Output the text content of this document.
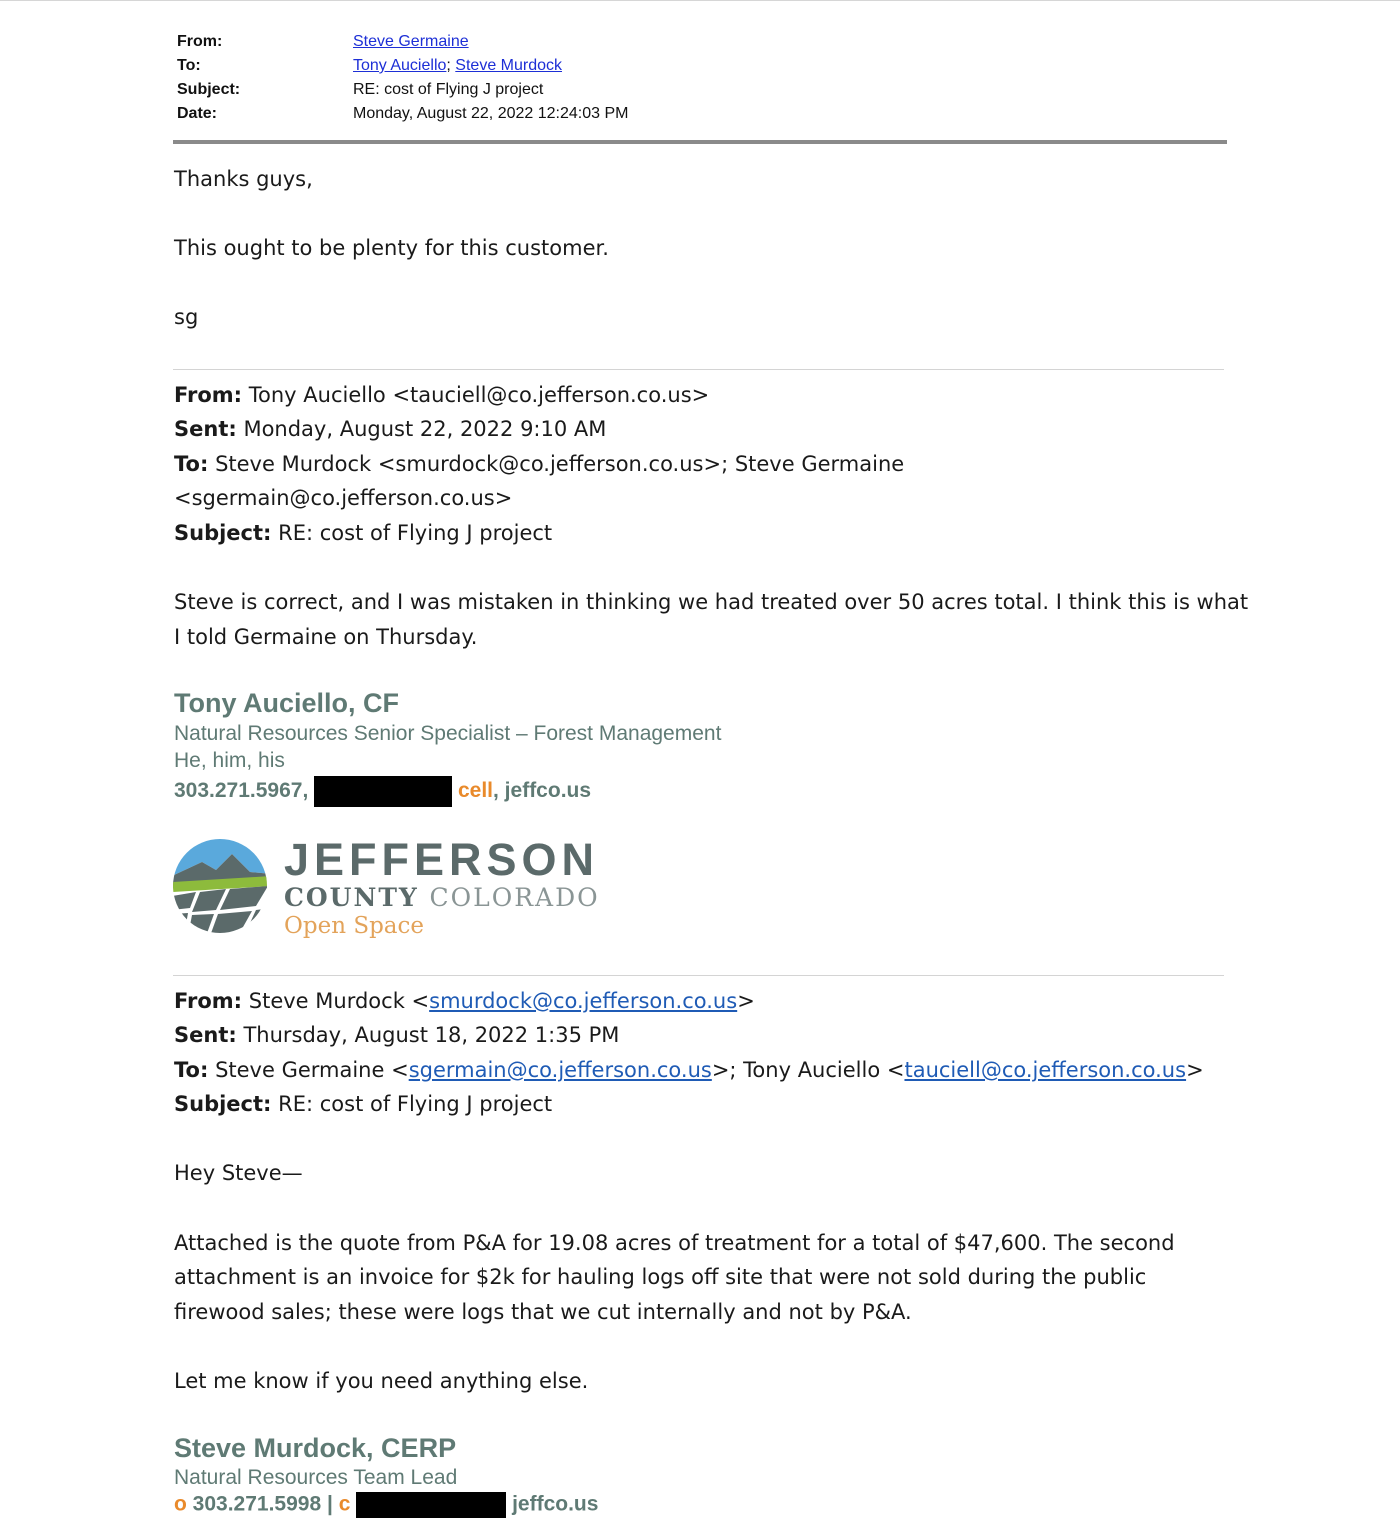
From:	Steve Germaine
To:	Tony Auciello; Steve Murdock
Subject:	RE: cost of Flying J project
Date:	Monday, August 22, 2022 12:24:03 PM
Thanks guys,
This ought to be plenty for this customer.
sg
From: Tony Auciello <tauciell@co.jefferson.co.us>
Sent: Monday, August 22, 2022 9:10 AM
To: Steve Murdock <smurdock@co.jefferson.co.us>; Steve Germaine
<sgermain@co.jefferson.co.us>
Subject: RE: cost of Flying J project
Steve is correct, and I was mistaken in thinking we had treated over 50 acres total. I think this is what
I told Germaine on Thursday.
Tony Auciello, CF
Natural Resources Senior Specialist – Forest Management
He, him, his
303.271.5967,	cell, jeffco.us
JEFFERSON
COUNTY COLORADO
Open Space
From: Steve Murdock <smurdock@co.jefferson.co.us>
Sent: Thursday, August 18, 2022 1:35 PM
To: Steve Germaine <sgermain@co.jefferson.co.us>; Tony Auciello <tauciell@co.jefferson.co.us>
Subject: RE: cost of Flying J project
Hey Steve—
Attached is the quote from P&A for 19.08 acres of treatment for a total of $47,600. The second
attachment is an invoice for $2k for hauling logs off site that were not sold during the public
firewood sales; these were logs that we cut internally and not by P&A.
Let me know if you need anything else.
Steve Murdock, CERP
Natural Resources Team Lead
o 303.271.5998 | c	jeffco.us
